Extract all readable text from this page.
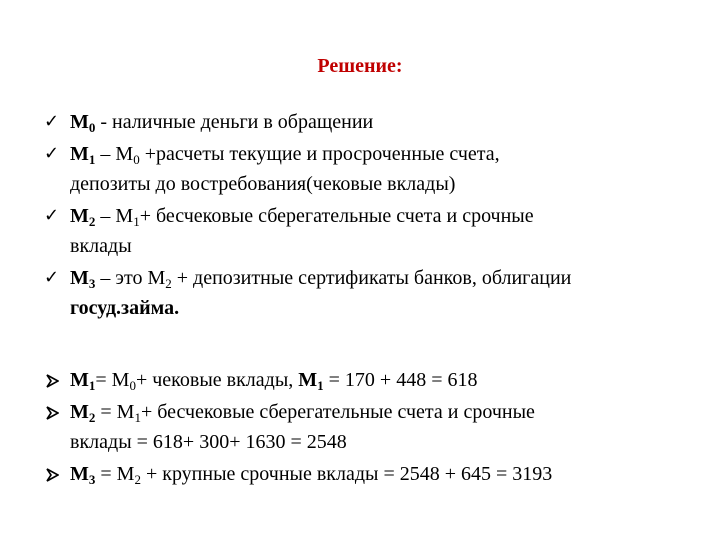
Решение:
✓ $М_0$ - наличные деньги в обращении
✓ $М_1 - М_0$ +расчеты текущие и просроченные счета,
депозиты до востребования(чековые вклады)
✓ $М_2 - М_1+$ бесчековые сберегательные счета и срочные
вклады
✓ $М_3$ – это $М_2$ + депозитные сертификаты банков, облигации
госуд.займа.
$М_1= М_0+$ чековые вклады, $М_1 = 170 + 448 = 618$
$М_2 = М_1+$ бесчековые сберегательные счета и срочные
вклады = 618+ 300+ 1630 = 2548
$М_3 = М_2$ + крупные срочные вклады = 2548 + 645 = 3193
